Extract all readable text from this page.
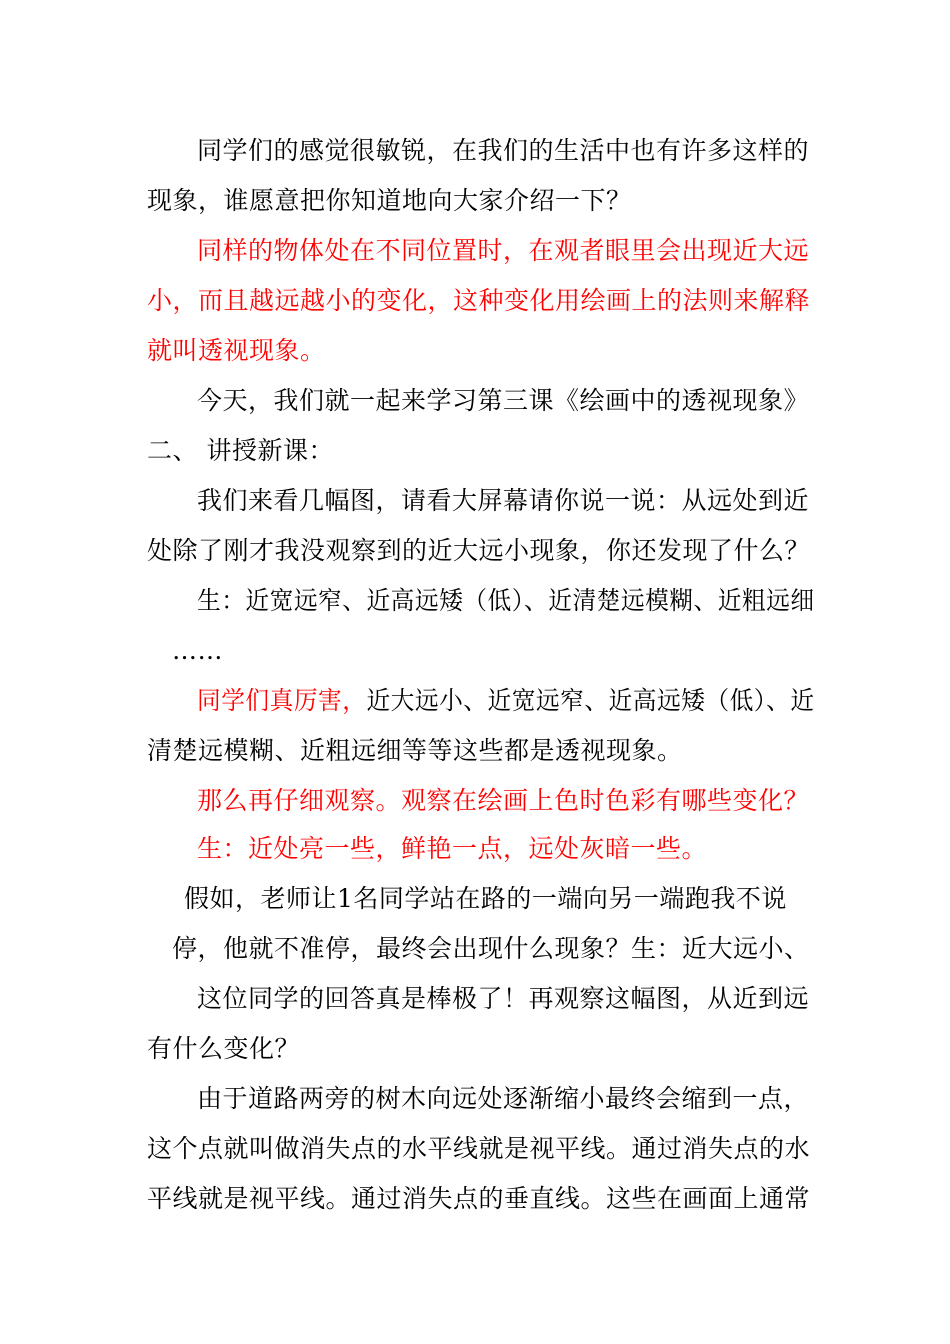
同学们的感觉很敏锐，在我们的生活中也有许多这样的
现象，谁愿意把你知道地向大家介绍一下？
同样的物体处在不同位置时，在观者眼里会出现近大远
小，而且越远越小的变化，这种变化用绘画上的法则来解释
就叫透视现象。
今天，我们就一起来学习第三课《绘画中的透视现象》
二、 讲授新课：
我们来看几幅图，请看大屏幕请你说一说：从远处到近
处除了刚才我没观察到的近大远小现象，你还发现了什么？
生：近宽远窄、近高远矮（低）、近清楚远模糊、近粗远细
……
同学们真厉害，近大远小、近宽远窄、近高远矮（低）、近
清楚远模糊、近粗远细等等这些都是透视现象。
那么再仔细观察。观察在绘画上色时色彩有哪些变化？
生：近处亮一些，鲜艳一点，远处灰暗一些。
假如，老师让1名同学站在路的一端向另一端跑我不说
停，他就不准停，最终会出现什么现象？生：近大远小、
这位同学的回答真是棒极了！再观察这幅图，从近到远
有什么变化？
由于道路两旁的树木向远处逐渐缩小最终会缩到一点，
这个点就叫做消失点的水平线就是视平线。通过消失点的水
平线就是视平线。通过消失点的垂直线。这些在画面上通常
